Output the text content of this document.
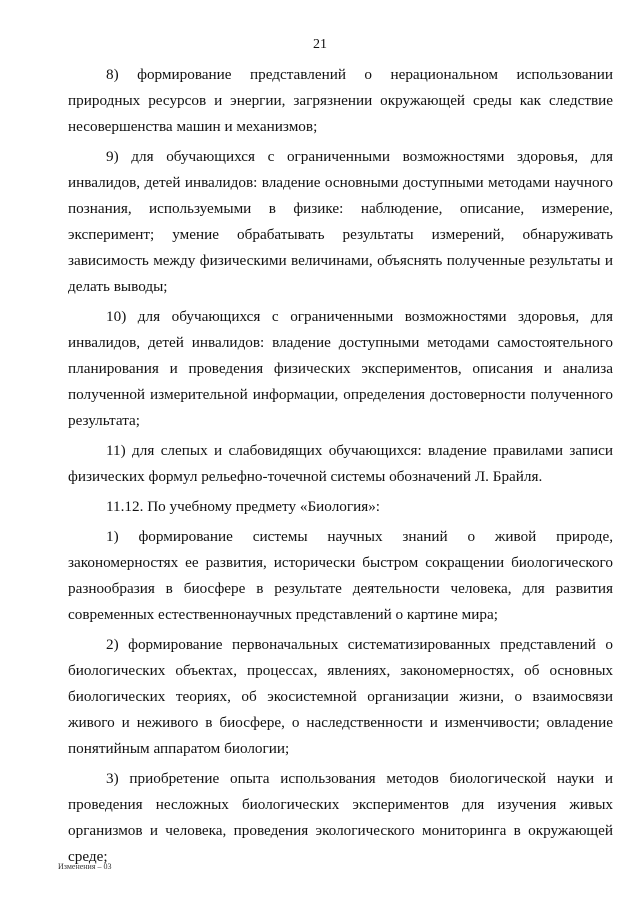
21

8) формирование представлений о нерациональном использовании природных ресурсов и энергии, загрязнении окружающей среды как следствие несовершенства машин и механизмов;

9) для обучающихся с ограниченными возможностями здоровья, для инвалидов, детей инвалидов: владение основными доступными методами научного познания, используемыми в физике: наблюдение, описание, измерение, эксперимент; умение обрабатывать результаты измерений, обнаруживать зависимость между физическими величинами, объяснять полученные результаты и делать выводы;

10) для обучающихся с ограниченными возможностями здоровья, для инвалидов, детей инвалидов: владение доступными методами самостоятельного планирования и проведения физических экспериментов, описания и анализа полученной измерительной информации, определения достоверности полученного результата;

11) для слепых и слабовидящих обучающихся: владение правилами записи физических формул рельефно-точечной системы обозначений Л. Брайля.

11.12. По учебному предмету «Биология»:

1) формирование системы научных знаний о живой природе, закономерностях ее развития, исторически быстром сокращении биологического разнообразия в биосфере в результате деятельности человека, для развития современных естественнонаучных представлений о картине мира;

2) формирование первоначальных систематизированных представлений о биологических объектах, процессах, явлениях, закономерностях, об основных биологических теориях, об экосистемной организации жизни, о взаимосвязи живого и неживого в биосфере, о наследственности и изменчивости; овладение понятийным аппаратом биологии;

3) приобретение опыта использования методов биологической науки и проведения несложных биологических экспериментов для изучения живых организмов и человека, проведения экологического мониторинга в окружающей среде;

Изменения – 03
